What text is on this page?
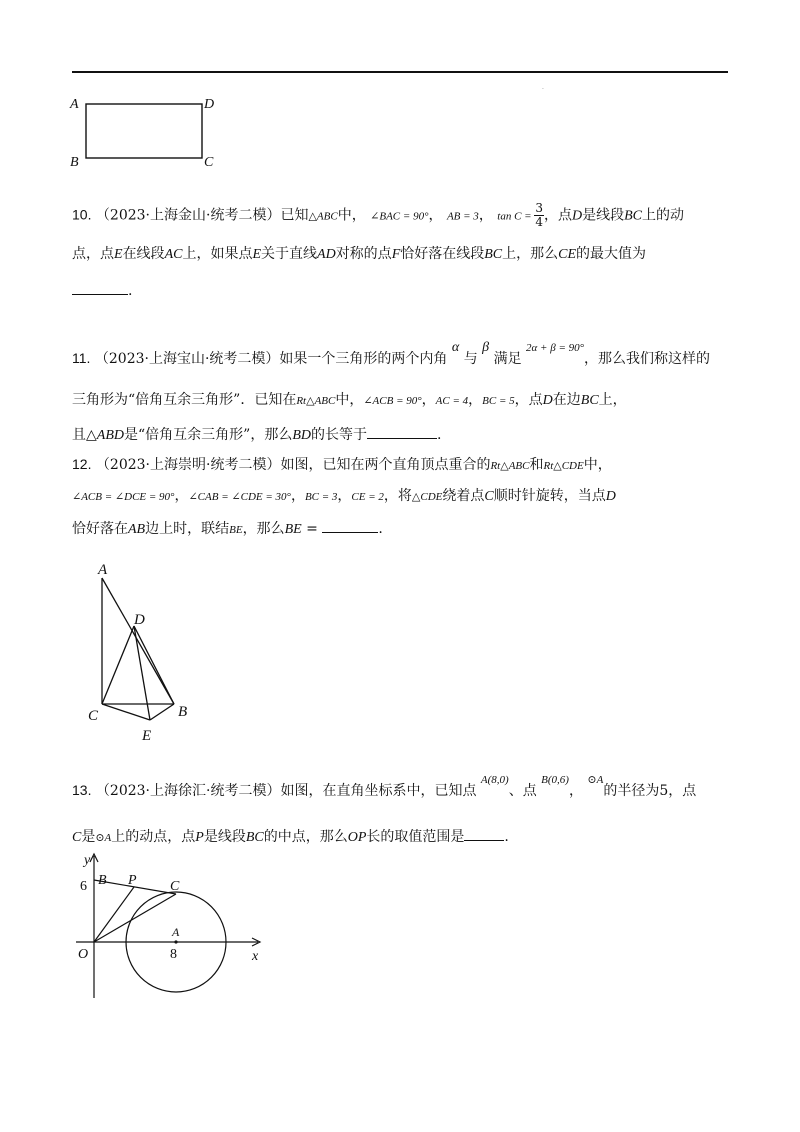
·
A	D
B	C
10. （2023·上海金山·统考二模）已知△ABC中， ∠BAC = 90°， AB = 3， $\tan C = \frac{3}{4}$ ，点D是线段BC上的动
点，点E在线段AC上，如果点E关于直线AD对称的点F恰好落在线段BC上，那么CE的最大值为
.
11. （2023·上海宝山·统考二模）如果一个三角形的两个内角 α 与 β 满足 $^{2\alpha + \beta = 90^\circ}$，那么我们称这样的
三角形为“倍角互余三角形”．已知在Rt△ABC中，∠ACB = 90°，AC = 4，BC = 5，点D在边BC上，
且△ABD是“倍角互余三角形”，那么BD的长等于	.
12. （2023·上海崇明·统考二模）如图，已知在两个直角顶点重合的Rt△ABC和Rt△CDE中，
∠ACB = ∠DCE = 90°，∠CAB = ∠CDE = 30°，BC = 3，CE = 2，将△CDE绕着点C顺时针旋转，当点D
恰好落在AB边上时，联结BE，那么BE =	.
A
D
C	B
E
13. （2023·上海徐汇·统考二模）如图，在直角坐标系中，已知点 $^{A(8,0)}$、点 $^{B(0,6)}$， $^{⊙A}$的半径为5，点
C是⊙A上的动点，点P是线段BC的中点，那么OP长的取值范围是	.
y
x
O
6
8
B P C
A
